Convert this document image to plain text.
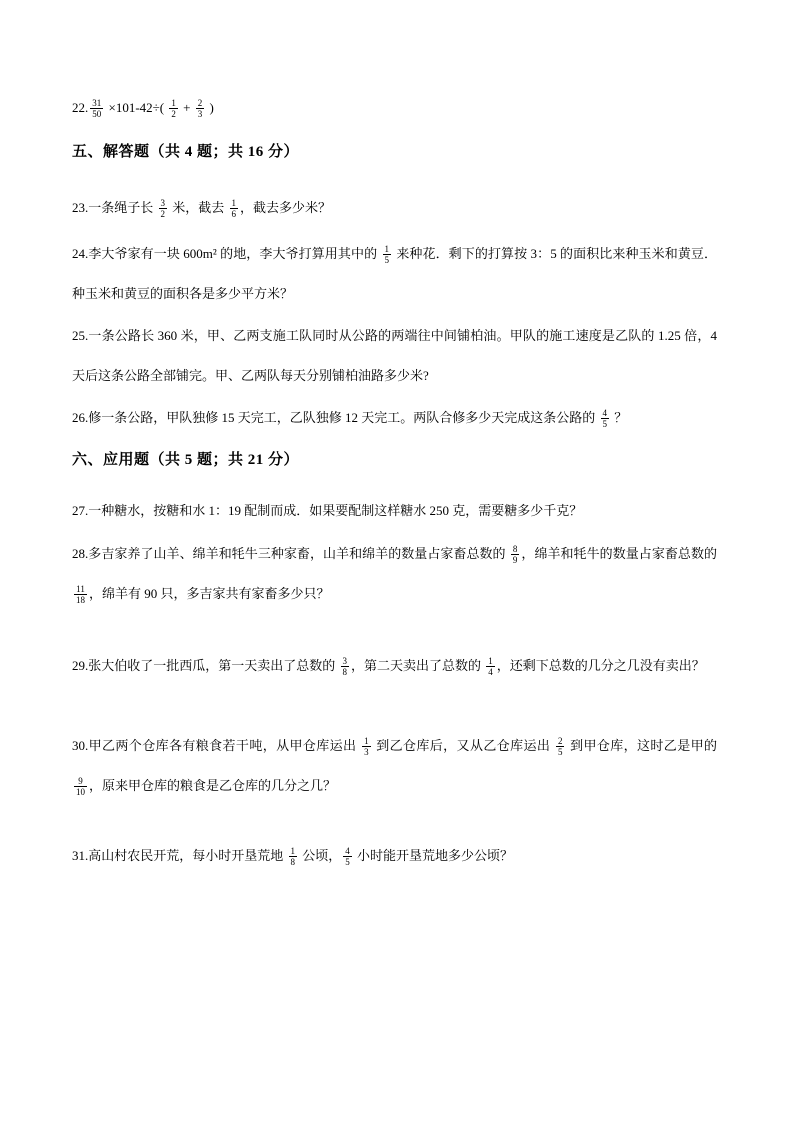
22. $\frac{31}{50} \times 101-42\div( \frac{1}{2} + \frac{2}{3}$ )

五、解答题（共 4 题；共 16 分）

23.一条绳子长 $\frac{3}{2}$ 米，截去 $\frac{1}{6}$ ，截去多少米？

24.李大爷家有一块 600m² 的地，李大爷打算用其中的 $\frac{1}{5}$ 来种花．剩下的打算按 3：5 的面积比来种玉米和黄豆．种玉米和黄豆的面积各是多少平方米？

25.一条公路长 360 米，甲、乙两支施工队同时从公路的两端往中间铺柏油。甲队的施工速度是乙队的 1.25 倍，4 天后这条公路全部铺完。甲、乙两队每天分别铺柏油路多少米?

26.修一条公路，甲队独修 15 天完工，乙队独修 12 天完工。两队合修多少天完成这条公路的 $\frac{4}{5}$ ？

六、应用题（共 5 题；共 21 分）

27.一种糖水，按糖和水 1：19 配制而成．如果要配制这样糖水 250 克，需要糖多少千克？

28.多吉家养了山羊、绵羊和牦牛三种家畜，山羊和绵羊的数量占家畜总数的 $\frac{8}{9}$ ，绵羊和牦牛的数量占家畜总数的
$\frac{11}{18}$ ，绵羊有 90 只，多吉家共有家畜多少只？

29.张大伯收了一批西瓜，第一天卖出了总数的 $\frac{3}{8}$ ，第二天卖出了总数的 $\frac{1}{4}$ ，还剩下总数的几分之几没有卖出？

30.甲乙两个仓库各有粮食若干吨，从甲仓库运出 $\frac{1}{3}$ 到乙仓库后，又从乙仓库运出 $\frac{2}{5}$ 到甲仓库，这时乙是甲的
$\frac{9}{10}$ ，原来甲仓库的粮食是乙仓库的几分之几？

31.高山村农民开荒，每小时开垦荒地 $\frac{1}{8}$ 公顷， $\frac{4}{5}$ 小时能开垦荒地多少公顷？
